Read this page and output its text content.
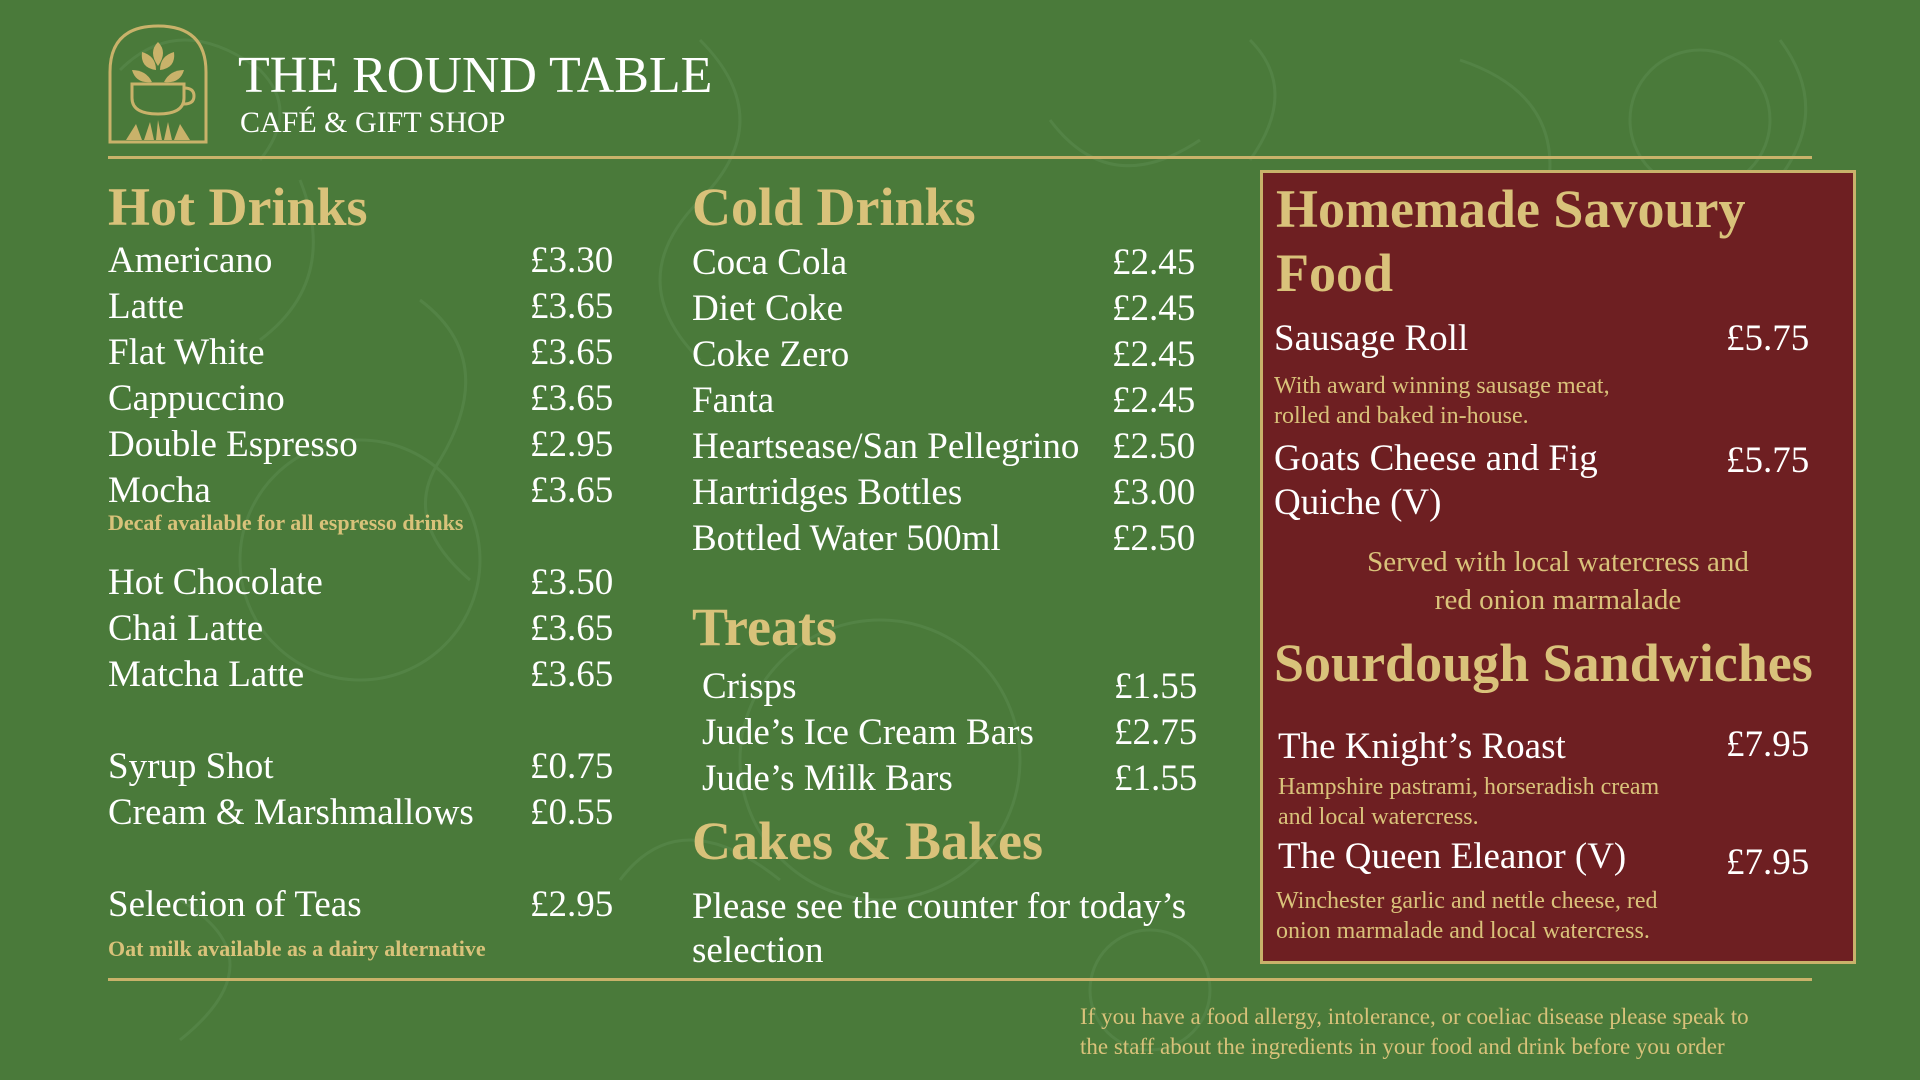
THE ROUND TABLE
CAFÉ & GIFT SHOP
Hot Drinks
Americano	£3.30
Latte	£3.65
Flat White	£3.65
Cappuccino	£3.65
Double Espresso	£2.95
Mocha	£3.65
Decaf available for all espresso drinks
Hot Chocolate	£3.50
Chai Latte	£3.65
Matcha Latte	£3.65
Syrup Shot	£0.75
Cream & Marshmallows £0.55
Selection of Teas	£2.95
Oat milk available as a dairy alternative
Cold Drinks
Coca Cola	£2.45
Diet Coke	£2.45
Coke Zero	£2.45
Fanta	£2.45
Heartsease/San Pellegrino £2.50
Hartridges Bottles	£3.00
Bottled Water 500ml	£2.50
Treats
Crisps	£1.55
Jude’s Ice Cream Bars £2.75
Jude’s Milk Bars	£1.55
Cakes & Bakes
Please see the counter for today’s
selection
Homemade Savoury
Food
Sausage Roll	£5.75
With award winning sausage meat,
rolled and baked in-house.
Goats Cheese and Fig
Quiche (V)
£5.75
Served with local watercress and
red onion marmalade
Sourdough Sandwiches
The Knight’s Roast	£7.95
Hampshire pastrami, horseradish cream
and local watercress.
The Queen Eleanor (V)	£7.95
Winchester garlic and nettle cheese, red
onion marmalade and local watercress.
If you have a food allergy, intolerance, or coeliac disease please speak to
the staff about the ingredients in your food and drink before you order
